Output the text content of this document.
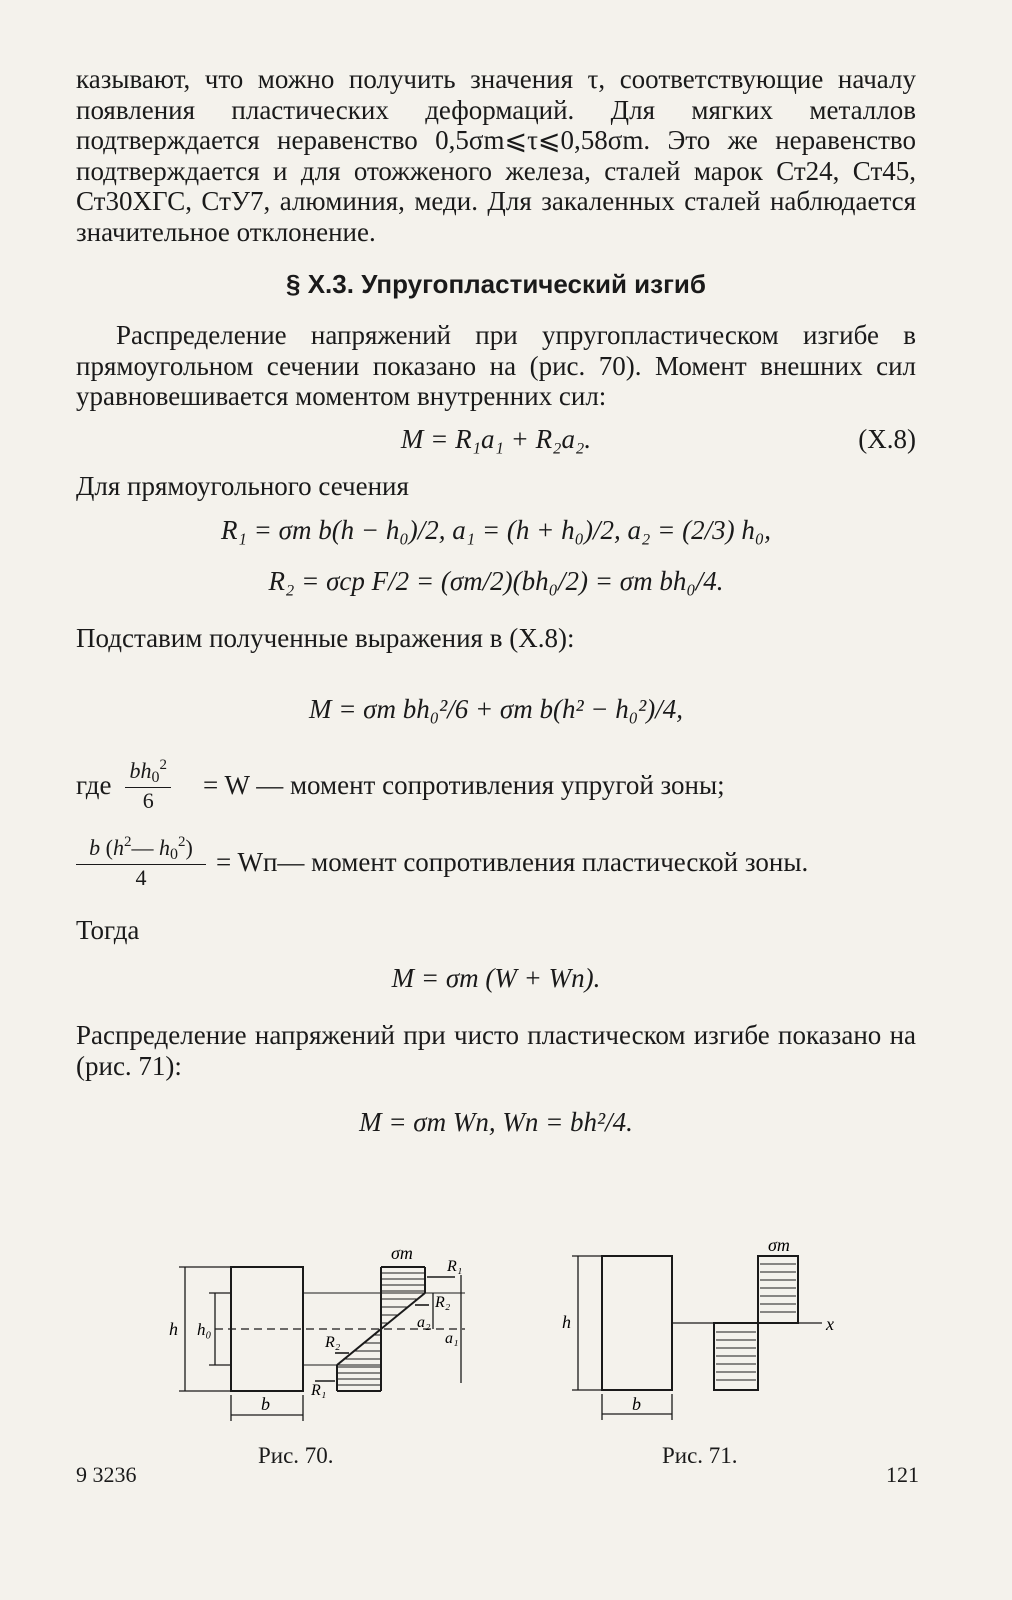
казывают, что можно получить значения τ, соответствующие началу появления пластических деформаций. Для мягких металлов подтверждается неравенство 0,5σm⩽τ⩽0,58σm. Это же неравенство подтверждается и для отожженого железа, сталей марок Ст24, Ст45, Ст30ХГС, СтУ7, алюминия, меди. Для закаленных сталей наблюдается значительное отклонение.

§ X.3. Упругопластический изгиб

Распределение напряжений при упругопластическом изгибе в прямоугольном сечении показано на (рис. 70). Момент внешних сил уравновешивается моментом внутренних сил:

M = R₁a₁ + R₂a₂.	(X.8)

Для прямоугольного сечения

R₁ = σm b(h − h₀)/2, a₁ = (h + h₀)/2, a₂ = (2/3) h₀,
R₂ = σcp F/2 = (σm/2)(bh₀/2) = σm bh₀/4.

Подставим полученные выражения в (X.8):

M = σm bh₀²/6 + σm b(h² − h₀²)/4,
где $\frac{bh_0^2}{6} = W$ — момент сопротивления упругой зоны;
$\frac{b (h^2— h_0^2)}{4}$ = Wп— момент сопротивления пластической зоны.

Тогда

M = σm (W + Wп).

Распределение напряжений при чисто пластическом изгибе показано на (рис. 71):

M = σm Wп, Wп = bh²/4.
h h₀
b
σm
R₁
R₂
R₂
R₁
a₂
a₁
Рис. 70.
h
b
σm
x
Рис. 71.
9 3236	121
